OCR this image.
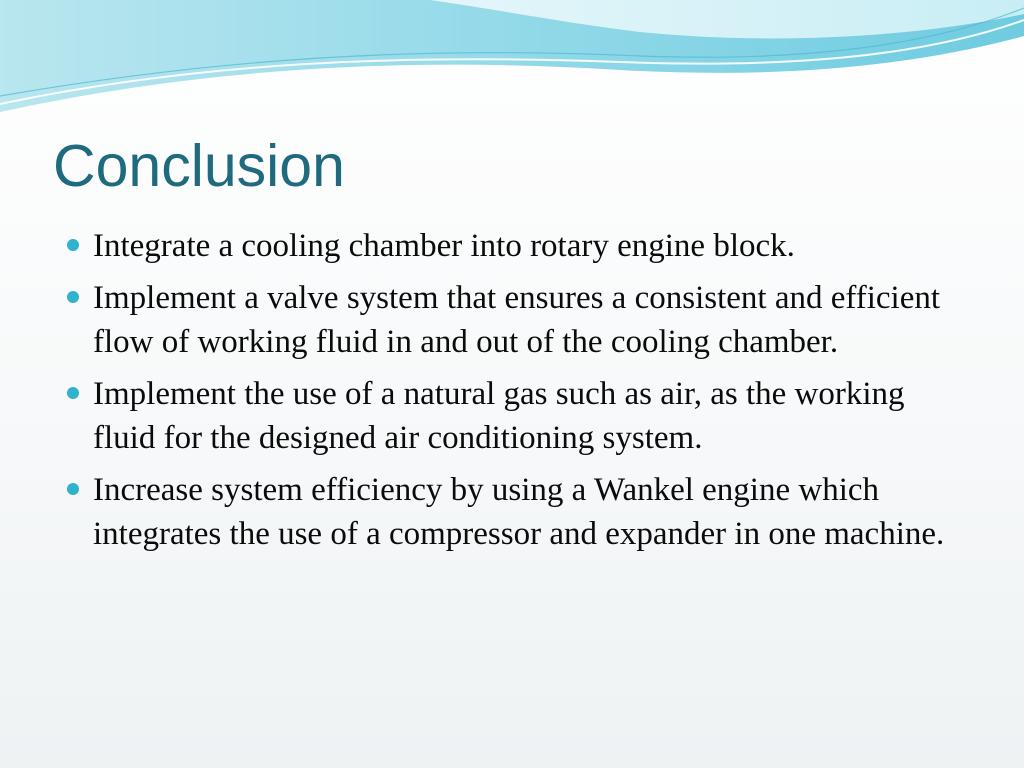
Conclusion
Integrate a cooling chamber into rotary engine block.
Implement a valve system that ensures a consistent and efficient flow of working fluid in and out of the cooling chamber.
Implement the use of a natural gas such as air, as the working fluid for the designed air conditioning system.
Increase system efficiency by using a Wankel engine which integrates the use of a compressor and expander in one machine.
